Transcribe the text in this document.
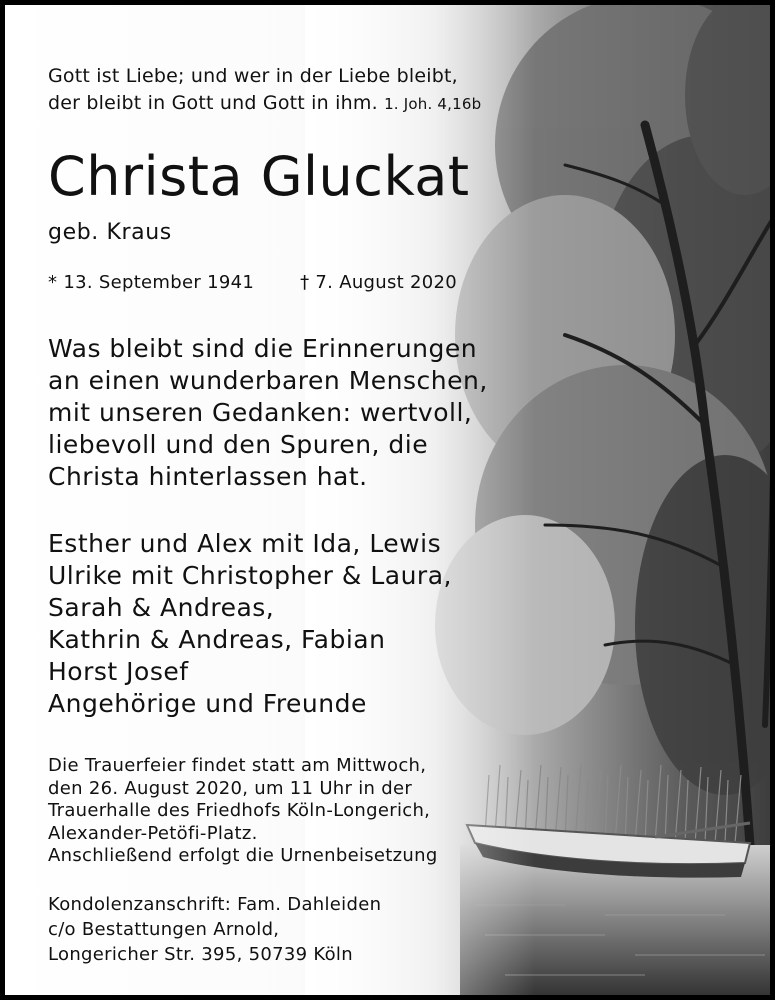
Gott ist Liebe; und wer in der Liebe bleibt,
der bleibt in Gott und Gott in ihm. 1. Joh. 4,16b

Christa Gluckat
geb. Kraus
* 13. September 1941	† 7. August 2020
Was bleibt sind die Erinnerungen
an einen wunderbaren Menschen,
mit unseren Gedanken: wertvoll,
liebevoll und den Spuren, die
Christa hinterlassen hat.
Esther und Alex mit Ida, Lewis
Ulrike mit Christopher & Laura,
Sarah & Andreas,
Kathrin & Andreas, Fabian
Horst Josef
Angehörige und Freunde
Die Trauerfeier findet statt am Mittwoch,
den 26. August 2020, um 11 Uhr in der
Trauerhalle des Friedhofs Köln-Longerich,
Alexander-Petöfi-Platz.
Anschließend erfolgt die Urnenbeisetzung
Kondolenzanschrift: Fam. Dahleiden
c/o Bestattungen Arnold,
Longericher Str. 395, 50739 Köln
